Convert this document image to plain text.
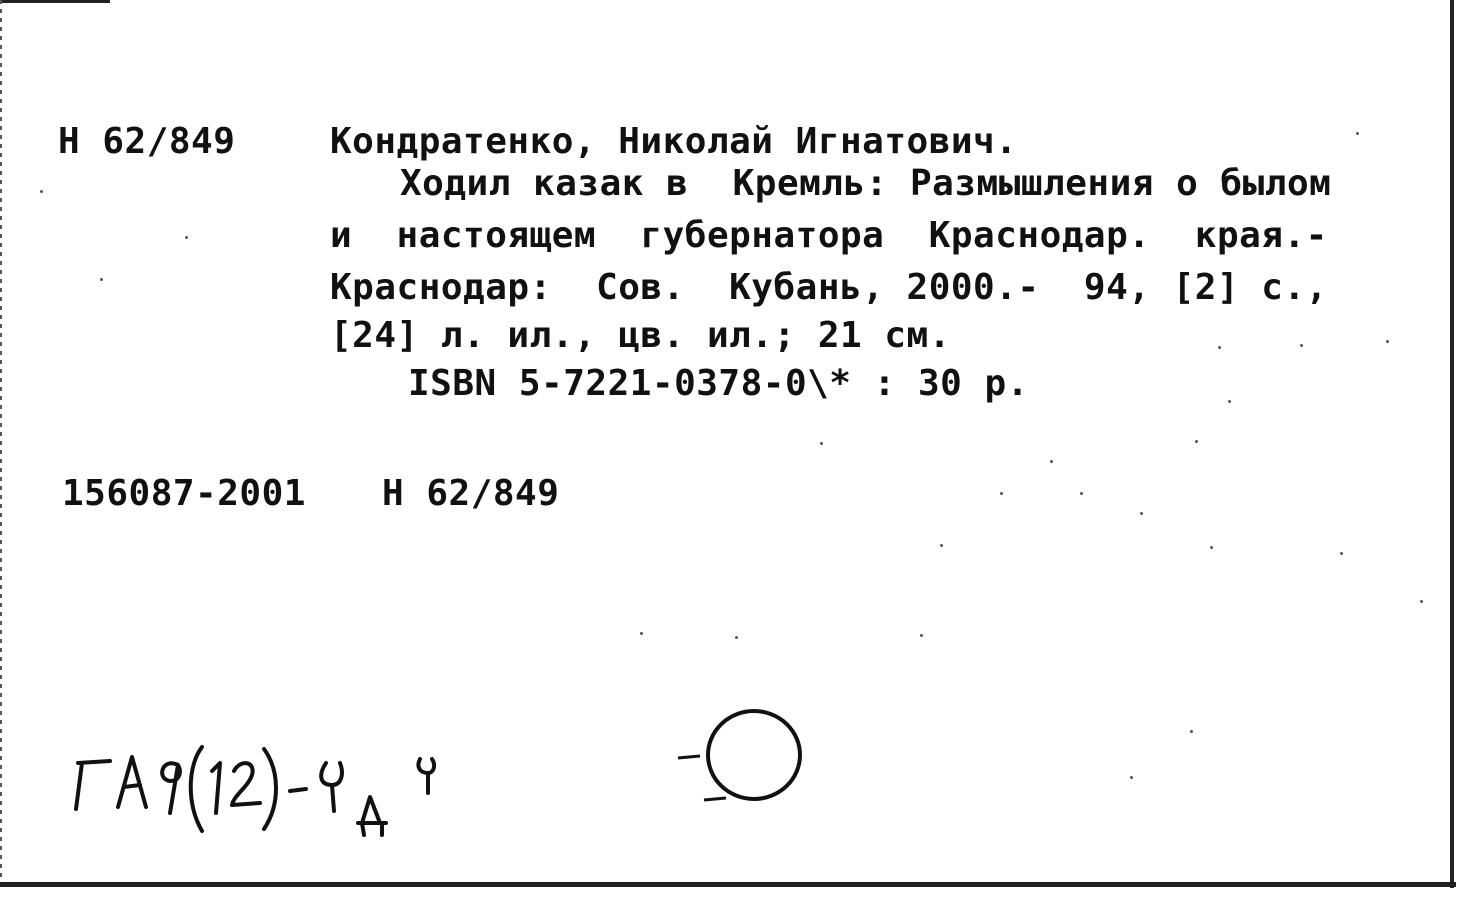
Н 62/849	Кондратенко, Николай Игнатович.
Ходил казак в  Кремль: Размышления о былом
и  настоящем  губернатора  Краснодар.  края.-
Краснодар:  Сов.  Кубань, 2000.-  94, [2] с.,
[24] л. ил., цв. ил.; 21 см.
ISBN 5-7221-0378-0\* : 30 р.
156087-2001 Н 62/849
